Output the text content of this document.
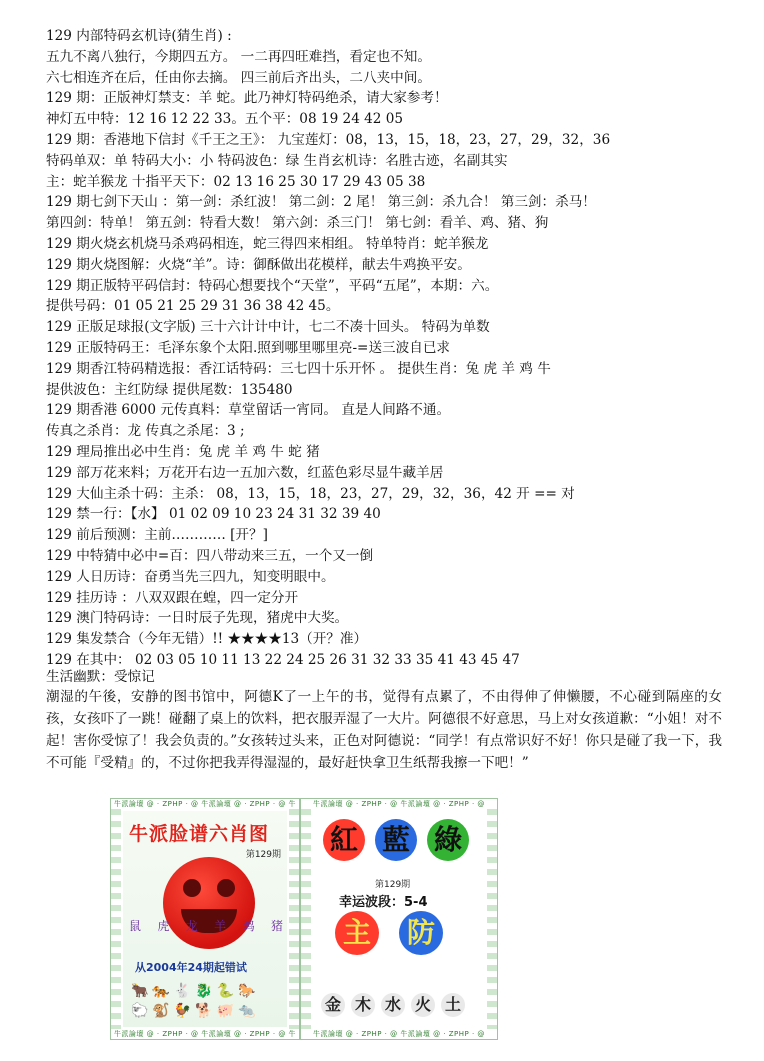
129 内部特码玄机诗(猜生肖) :
五九不离八独行，今期四五方。 一二再四旺难挡，看定也不知。
六七相连齐在后，任由你去摘。 四三前后齐出头，二八夹中间。
129 期：正版神灯禁支：羊 蛇。此乃神灯特码绝杀，请大家参考！
神灯五中特：12 16 12 22 33。五个平：08 19 24 42 05
129 期：香港地下信封《千王之王》： 九宝莲灯：08，13，15，18，23，27，29，32，36
特码单双：单 特码大小：小 特码波色：绿 生肖玄机诗：名胜古迹，名副其实
主：蛇羊猴龙 十指平天下：02 13 16 25 30 17 29 43 05 38
129 期七剑下天山 ：第一剑：杀红波！ 第二剑：2 尾！ 第三剑：杀九合！ 第三剑：杀马！
第四剑：特单！ 第五剑：特看大数！ 第六剑：杀三门！ 第七剑：看羊、鸡、猪、狗
129 期火烧玄机烧马杀鸡码相连，蛇三得四来相组。 特单特肖：蛇羊猴龙
129 期火烧图解：火烧“羊”。诗：御酥做出花模样，献去牛鸡换平安。
129 期正版特平码信封：特码心想要找个“天堂”，平码“五尾”，本期：六。
提供号码：01 05 21 25 29 31 36 38 42 45。
129 正版足球报(文字版) 三十六计计中计，七二不凑十回头。 特码为单数
129 正版特码王：毛泽东象个太阳.照到哪里哪里亮-=送三波自已求
129 期香江特码精选报：香江话特码：三七四十乐开怀 。 提供生肖：兔 虎 羊 鸡 牛
提供波色：主红防绿 提供尾数：135480
129 期香港 6000 元传真料：草堂留话一宵同。 直是人间路不通。
传真之杀肖：龙 传真之杀尾：3 ;
129 理局推出必中生肖：兔 虎 羊 鸡 牛 蛇 猪
129 部万花来料；万花开右边一五加六数，红蓝色彩尽显牛藏羊居
129 大仙主杀十码：主杀： 08，13，15，18，23，27，29，32，36，42 开 == 对
129 禁一行：【水】 01 02 09 10 23 24 31 32 39 40
129 前后预测：主前………… [开？]
129 中特猜中必中=百：四八带动来三五，一个又一倒
129 人日历诗：奋勇当先三四九，知变明眼中。
129 挂历诗 ：八双双跟在蝗，四一定分开
129 澳门特码诗：一日时辰子先现，猪虎中大奖。
129 集发禁合（今年无错）!! ★★★★13（开？准）
129 在其中： 02 03 05 10 11 13 22 24 25 26 31 32 33 35 41 43 45 47
生活幽默：受惊记
潮湿的午後，安静的图书馆中，阿德K了一上午的书，觉得有点累了，不由得伸了伸懒腰，不心碰到隔座的女孩，女孩吓了一跳！碰翻了桌上的饮料，把衣服弄湿了一大片。阿德很不好意思，马上对女孩道歉：“小姐！对不起！害你受惊了！我会负责的。”女孩转过头来，正色对阿德说：“同学！有点常识好不好！你只是碰了我一下，我不可能『受精』的，不过你把我弄得湿湿的，最好赶快拿卫生纸帮我擦一下吧！”
牛派論壇 @ · ZPHP · @ 牛派論壇 @ · ZPHP · @ 牛
牛派脸谱六肖图
第129期
鼠 虎 龙 羊 鸡 猪
从2004年24期起错试
🐂🐅🐇🐉🐍🐎🐑🐒🐓🐕🐖🐀
牛派論壇 @ · ZPHP · @ 牛派論壇 @ · ZPHP · @ 牛
牛派論壇 @ · ZPHP · @ 牛派論壇 @ · ZPHP · @
紅 藍 綠
第129期
幸运波段：5-4
主 防
金 木 水 火 土
牛派論壇 @ · ZPHP · @ 牛派論壇 @ · ZPHP · @
